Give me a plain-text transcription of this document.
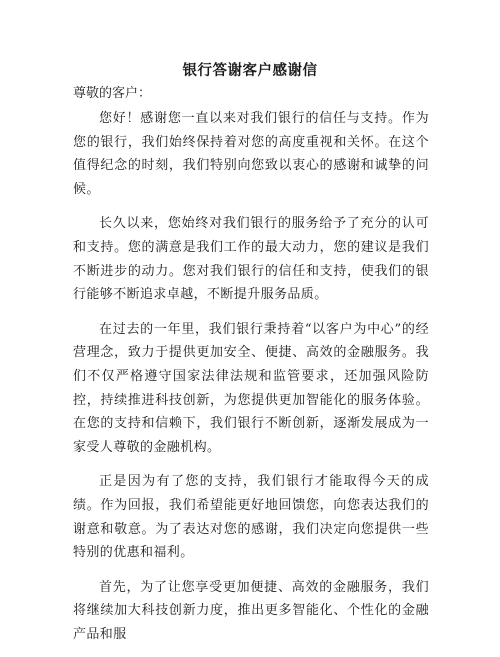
银行答谢客户感谢信

尊敬的客户：

您好！感谢您一直以来对我们银行的信任与支持。作为您的银行，我们始终保持着对您的高度重视和关怀。在这个值得纪念的时刻，我们特别向您致以衷心的感谢和诚挚的问候。

长久以来，您始终对我们银行的服务给予了充分的认可和支持。您的满意是我们工作的最大动力，您的建议是我们不断进步的动力。您对我们银行的信任和支持，使我们的银行能够不断追求卓越，不断提升服务品质。

在过去的一年里，我们银行秉持着“以客户为中心”的经营理念，致力于提供更加安全、便捷、高效的金融服务。我们不仅严格遵守国家法律法规和监管要求，还加强风险防控，持续推进科技创新，为您提供更加智能化的服务体验。在您的支持和信赖下，我们银行不断创新，逐渐发展成为一家受人尊敬的金融机构。

正是因为有了您的支持，我们银行才能取得今天的成绩。作为回报，我们希望能更好地回馈您，向您表达我们的谢意和敬意。为了表达对您的感谢，我们决定向您提供一些特别的优惠和福利。

首先，为了让您享受更加便捷、高效的金融服务，我们将继续加大科技创新力度，推出更多智能化、个性化的金融产品和服
